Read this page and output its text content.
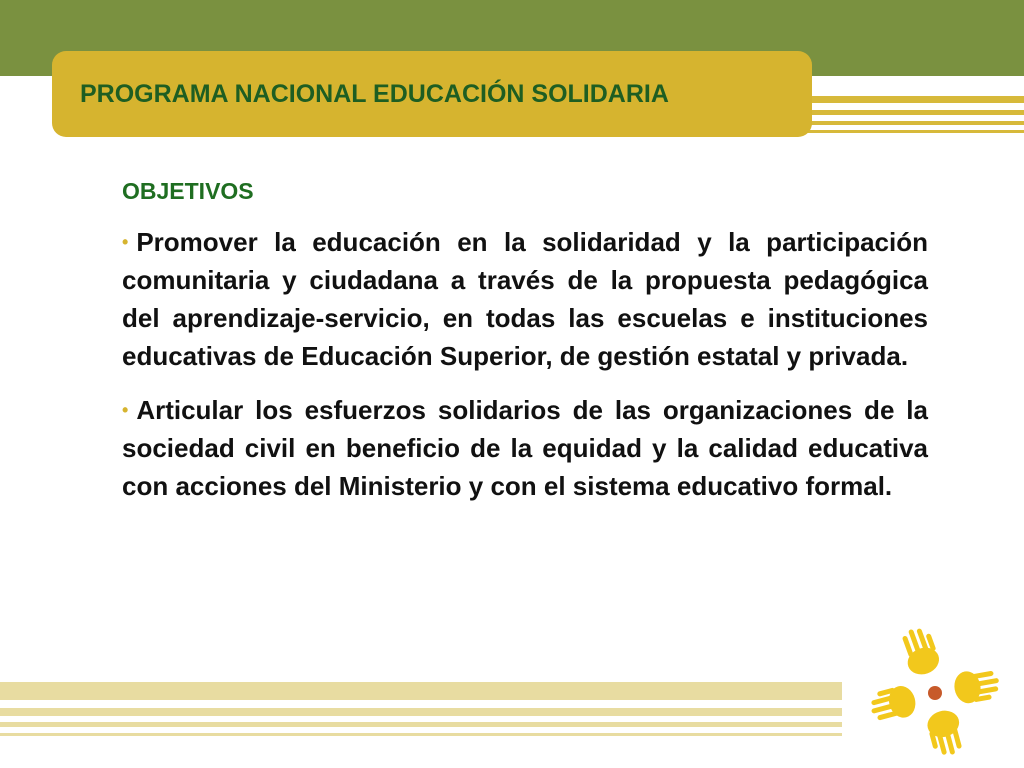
PROGRAMA NACIONAL EDUCACIÓN SOLIDARIA
OBJETIVOS

• Promover la educación en la solidaridad y la participación comunitaria y ciudadana a través de la propuesta pedagógica del aprendizaje-servicio, en todas las escuelas e instituciones educativas de Educación Superior, de gestión estatal y privada.

• Articular los esfuerzos solidarios de las organizaciones de la sociedad civil en beneficio de la equidad y la calidad educativa con acciones del Ministerio y con el sistema educativo formal.
